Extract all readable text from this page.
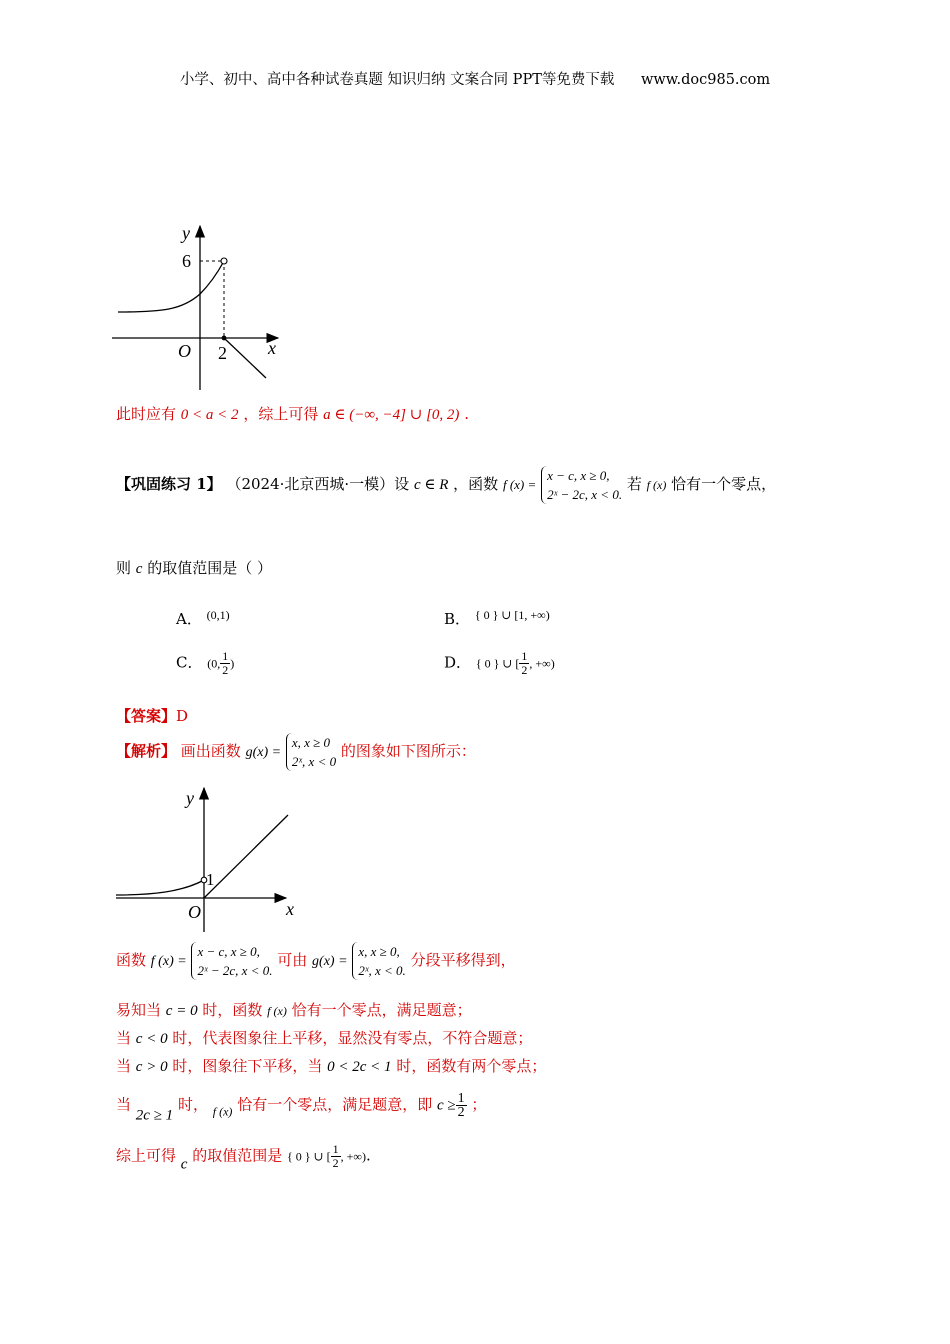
小学、初中、高中各种试卷真题 知识归纳 文案合同 PPT等免费下载 www.doc985.com
y
x
O
6
2
此时应有 0 < a < 2 ，综上可得 a ∈ (−∞, −4] ∪ [0, 2) .
【巩固练习 1】 （2024·北京西城·一模）设 c ∈ R ，函数 f (x) =
x − c, x ≥ 0,
2ˣ − 2c, x < 0.
若 f (x) 恰有一个零点，
则 c 的取值范围是（ ）
A． $^{(0,1)}$	B． $^{\{ 0 \} \cup [1, +\infty)}$
C． (0, $\frac{1}{2}$ )	D． { 0 } ∪ [ $\frac{1}{2}$ , +∞)
【答案】D
【解析】 画出函数 g(x) =
x, x ≥ 0
2ˣ, x < 0
的图象如下图所示：
y
x
O
1
函数 f (x) =
x − c, x ≥ 0,
2ˣ − 2c, x < 0.
可由 g(x) =
x, x ≥ 0,
2ˣ, x < 0.
分段平移得到，
易知当 c = 0 时，函数 f (x) 恰有一个零点，满足题意；
当 c < 0 时，代表图象往上平移，显然没有零点，不符合题意；
当 c > 0 时，图象往下平移，当 0 < 2c < 1 时，函数有两个零点；
当 2c ≥ 1 时， $_{f (x)}$ 恰有一个零点，满足题意，即 $c \ge \frac{1}{2}$ ；
综上可得 c 的取值范围是 { 0 } ∪ [ $\frac{1}{2}$ , +∞).
